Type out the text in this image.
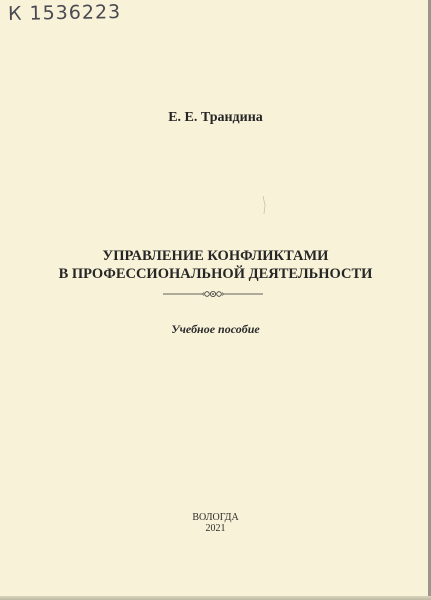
К 1536223
Е. Е. Трандина
УПРАВЛЕНИЕ КОНФЛИКТАМИ
В ПРОФЕССИОНАЛЬНОЙ ДЕЯТЕЛЬНОСТИ
Учебное пособие
ВОЛОГДА
2021
